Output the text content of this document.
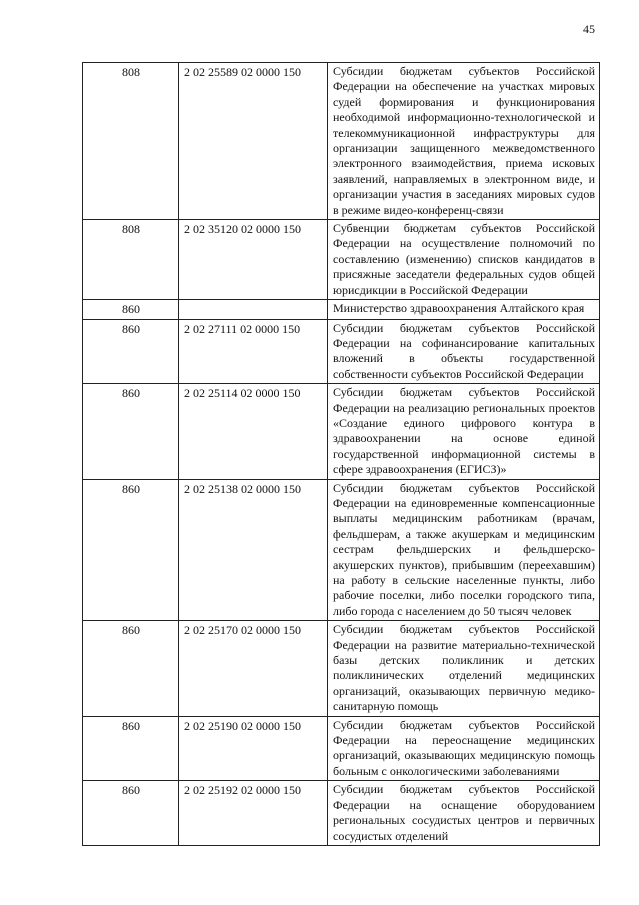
45
808	2 02 25589 02 0000 150	Субсидии бюджетам субъектов Российской Федерации на обеспечение на участках мировых судей формирования и функционирования необходимой информационно-технологической и телекоммуникационной инфраструктуры для организации защищенного межведомственного электронного взаимодействия, приема исковых заявлений, направляемых в электронном виде, и организации участия в заседаниях мировых судов в режиме видео-конференц-связи
808	2 02 35120 02 0000 150	Субвенции бюджетам субъектов Российской Федерации на осуществление полномочий по составлению (изменению) списков кандидатов в присяжные заседатели федеральных судов общей юрисдикции в Российской Федерации
860		Министерство здравоохранения Алтайского края
860	2 02 27111 02 0000 150	Субсидии бюджетам субъектов Российской Федерации на софинансирование капитальных вложений в объекты государственной собственности субъектов Российской Федерации
860	2 02 25114 02 0000 150	Субсидии бюджетам субъектов Российской Федерации на реализацию региональных проектов «Создание единого цифрового контура в здравоохранении на основе единой государственной информационной системы в сфере здравоохранения (ЕГИСЗ)»
860	2 02 25138 02 0000 150	Субсидии бюджетам субъектов Российской Федерации на единовременные компенсационные выплаты медицинским работникам (врачам, фельдшерам, а также акушеркам и медицинским сестрам фельдшерских и фельдшерско-акушерских пунктов), прибывшим (переехавшим) на работу в сельские населенные пункты, либо рабочие поселки, либо поселки городского типа, либо города с населением до 50 тысяч человек
860	2 02 25170 02 0000 150	Субсидии бюджетам субъектов Российской Федерации на развитие материально-технической базы детских поликлиник и детских поликлинических отделений медицинских организаций, оказывающих первичную медико-санитарную помощь
860	2 02 25190 02 0000 150	Субсидии бюджетам субъектов Российской Федерации на переоснащение медицинских организаций, оказывающих медицинскую помощь больным с онкологическими заболеваниями
860	2 02 25192 02 0000 150	Субсидии бюджетам субъектов Российской Федерации на оснащение оборудованием региональных сосудистых центров и первичных сосудистых отделений
